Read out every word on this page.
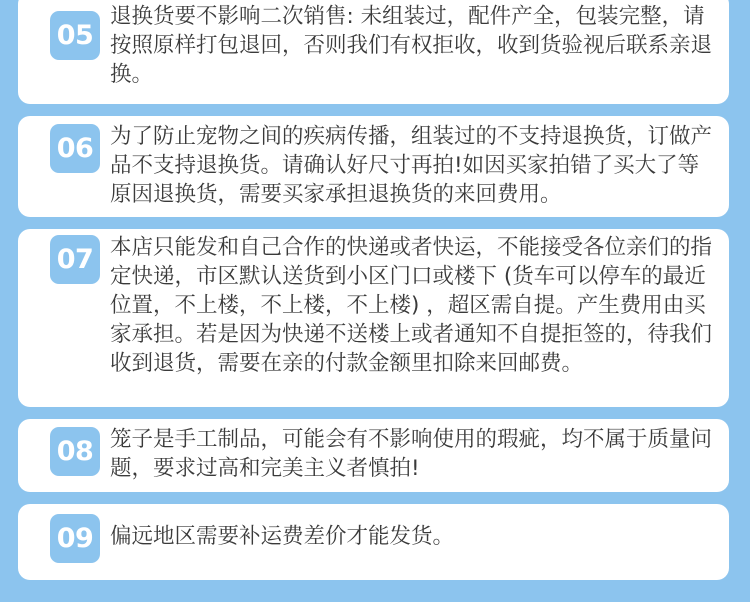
05

退换货要不影响二次销售: 未组装过，配件产全，包装完整，请按照原样打包退回，否则我们有权拒收，收到货验视后联系亲退换。

06 为了防止宠物之间的疾病传播，组装过的不支持退换货，订做产品不支持退换货。请确认好尺寸再拍!如因买家拍错了买大了等原因退换货，需要买家承担退换货的来回费用。

07 本店只能发和自己合作的快递或者快运，不能接受各位亲们的指定快递，市区默认送货到小区门口或楼下 (货车可以停车的最近位置，不上楼，不上楼，不上楼) ，超区需自提。产生费用由买家承担。若是因为快递不送楼上或者通知不自提拒签的，待我们收到退货，需要在亲的付款金额里扣除来回邮费。

08 笼子是手工制品，可能会有不影响使用的瑕疵，均不属于质量问题，要求过高和完美主义者慎拍!

09 偏远地区需要补运费差价才能发货。
